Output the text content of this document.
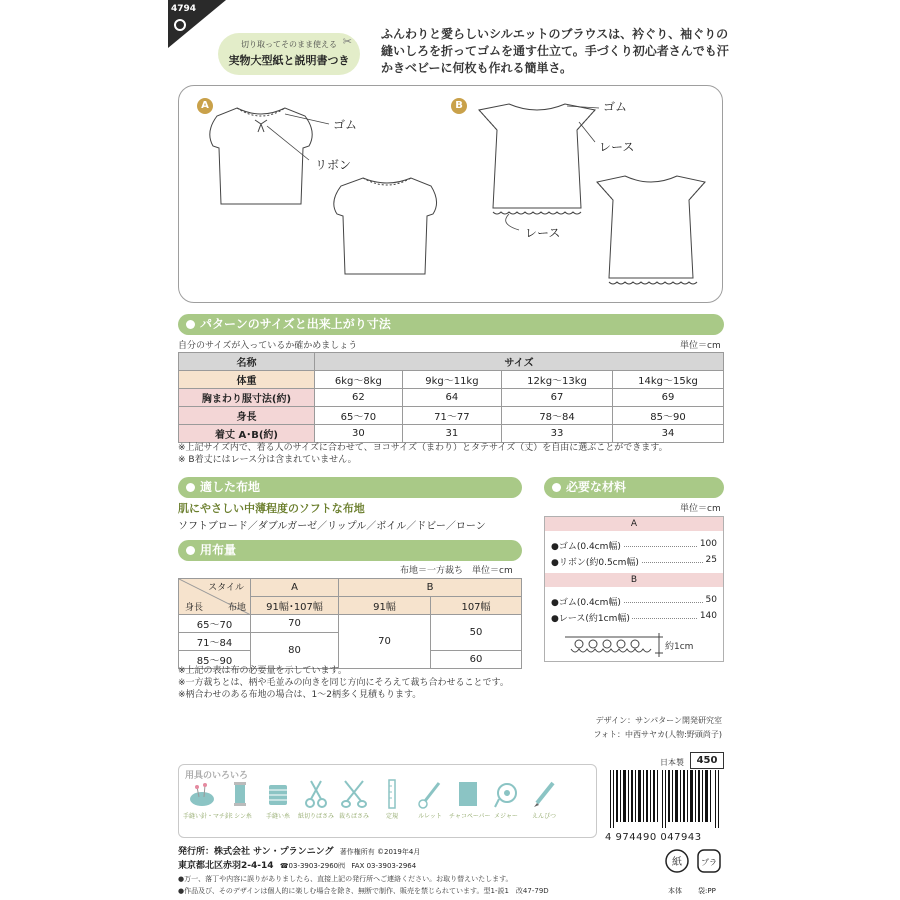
4794
切り取ってそのまま使える
実物大型紙と説明書つき
✂
ふんわりと愛らしいシルエットのブラウスは、衿ぐり、袖ぐりの縫いしろを折ってゴムを通す仕立て。手づくり初心者さんでも汗かきベビーに何枚も作れる簡単さ。
A
ゴム
リボン
B	ゴム
レース
レース
パターンのサイズと出来上がり寸法
自分のサイズが入っているか確かめましょう	単位＝cm
名称	サイズ			
体重	6kg〜8kg	9kg〜11kg	12kg〜13kg	14kg〜15kg
胸まわり服寸法(約)	62	64	67	69
身長	65〜70	71〜77	78〜84	85〜90
着丈 A･B(約)	30	31	33	34
※上記サイズ内で、着る人のサイズに合わせて、ヨコサイズ（まわり）とタテサイズ（丈）を自由に選ぶことができます。
※ B着丈にはレース分は含まれていません。
適した布地
肌にやさしい中薄程度のソフトな布地
ソフトブロード／ダブルガーゼ／リップル／ボイル／ドビー／ローン
用布量
布地＝一方裁ち　単位＝cm
スタイル
布地
身長	A	B	
	91幅･107幅	91幅	107幅
65〜70	70	70	50
71〜84	80		
85〜90			60
※上記の表は布の必要量を示しています。
※一方裁ちとは、柄や毛並みの向きを同じ方向にそろえて裁ち合わせることです。
※柄合わせのある布地の場合は、1〜2柄多く見積もります。
必要な材料
単位＝cm
A
●ゴム(0.4cm幅)	100
●リボン(約0.5cm幅)	25
B
●ゴム(0.4cm幅)	50
●レース(約1cm幅)	140
約1cm
デザイン：サンパターン開発研究室
フォト：中西サヤカ(人物:野頭尚子)
日本製	450
用具のいろいろ
手縫い針・マチ針
ミシン糸	手縫い糸	紙切りばさみ 裁ちばさみ	定規	ルレット	チャコペーパー メジャー	えんぴつ
4 974490 047943
発行所：株式会社 サン・プランニング 著作権所有 ©2019年4月
東京都北区赤羽2-4-14 ☎03-3903-2960㈹ FAX 03-3903-2964
●万一、落丁や内容に誤りがありましたら、直接上記の発行所へご連絡ください。お取り替えいたします。
●作品及び、そのデザインは個人的に楽しむ場合を除き、無断で制作、販売を禁じられています。型1-説1　改47-79D
紙
本体
プラ
袋:PP
